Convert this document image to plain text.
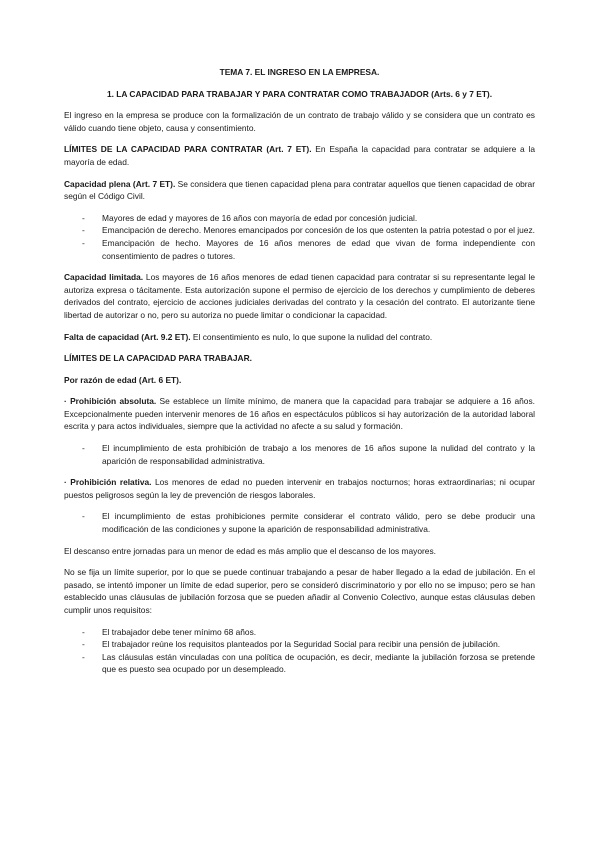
TEMA 7. EL INGRESO EN LA EMPRESA.
1. LA CAPACIDAD PARA TRABAJAR Y PARA CONTRATAR COMO TRABAJADOR (Arts. 6 y 7 ET).

El ingreso en la empresa se produce con la formalización de un contrato de trabajo válido y se considera que un contrato es válido cuando tiene objeto, causa y consentimiento.

LÍMITES DE LA CAPACIDAD PARA CONTRATAR (Art. 7 ET). En España la capacidad para contratar se adquiere a la mayoría de edad.

Capacidad plena (Art. 7 ET). Se considera que tienen capacidad plena para contratar aquellos que tienen capacidad de obrar según el Código Civil.

- Mayores de edad y mayores de 16 años con mayoría de edad por concesión judicial.
- Emancipación de derecho. Menores emancipados por concesión de los que ostenten la patria potestad o por el juez.
- Emancipación de hecho. Mayores de 16 años menores de edad que vivan de forma independiente con consentimiento de padres o tutores.

Capacidad limitada. Los mayores de 16 años menores de edad tienen capacidad para contratar si su representante legal le autoriza expresa o tácitamente. Esta autorización supone el permiso de ejercicio de los derechos y cumplimiento de deberes derivados del contrato, ejercicio de acciones judiciales derivadas del contrato y la cesación del contrato. El autorizante tiene libertad de autorizar o no, pero su autoriza no puede limitar o condicionar la capacidad.

Falta de capacidad (Art. 9.2 ET). El consentimiento es nulo, lo que supone la nulidad del contrato.

LÍMITES DE LA CAPACIDAD PARA TRABAJAR.

Por razón de edad (Art. 6 ET).

· Prohibición absoluta. Se establece un límite mínimo, de manera que la capacidad para trabajar se adquiere a 16 años. Excepcionalmente pueden intervenir menores de 16 años en espectáculos públicos si hay autorización de la autoridad laboral escrita y para actos individuales, siempre que la actividad no afecte a su salud y formación.

- El incumplimiento de esta prohibición de trabajo a los menores de 16 años supone la nulidad del contrato y la aparición de responsabilidad administrativa.

· Prohibición relativa. Los menores de edad no pueden intervenir en trabajos nocturnos; horas extraordinarias; ni ocupar puestos peligrosos según la ley de prevención de riesgos laborales.

- El incumplimiento de estas prohibiciones permite considerar el contrato válido, pero se debe producir una modificación de las condiciones y supone la aparición de responsabilidad administrativa.

El descanso entre jornadas para un menor de edad es más amplio que el descanso de los mayores.

No se fija un límite superior, por lo que se puede continuar trabajando a pesar de haber llegado a la edad de jubilación. En el pasado, se intentó imponer un límite de edad superior, pero se consideró discriminatorio y por ello no se impuso; pero se han establecido unas cláusulas de jubilación forzosa que se pueden añadir al Convenio Colectivo, aunque estas cláusulas deben cumplir unos requisitos:

- El trabajador debe tener mínimo 68 años.
- El trabajador reúne los requisitos planteados por la Seguridad Social para recibir una pensión de jubilación.
- Las cláusulas están vinculadas con una política de ocupación, es decir, mediante la jubilación forzosa se pretende que es puesto sea ocupado por un desempleado.
